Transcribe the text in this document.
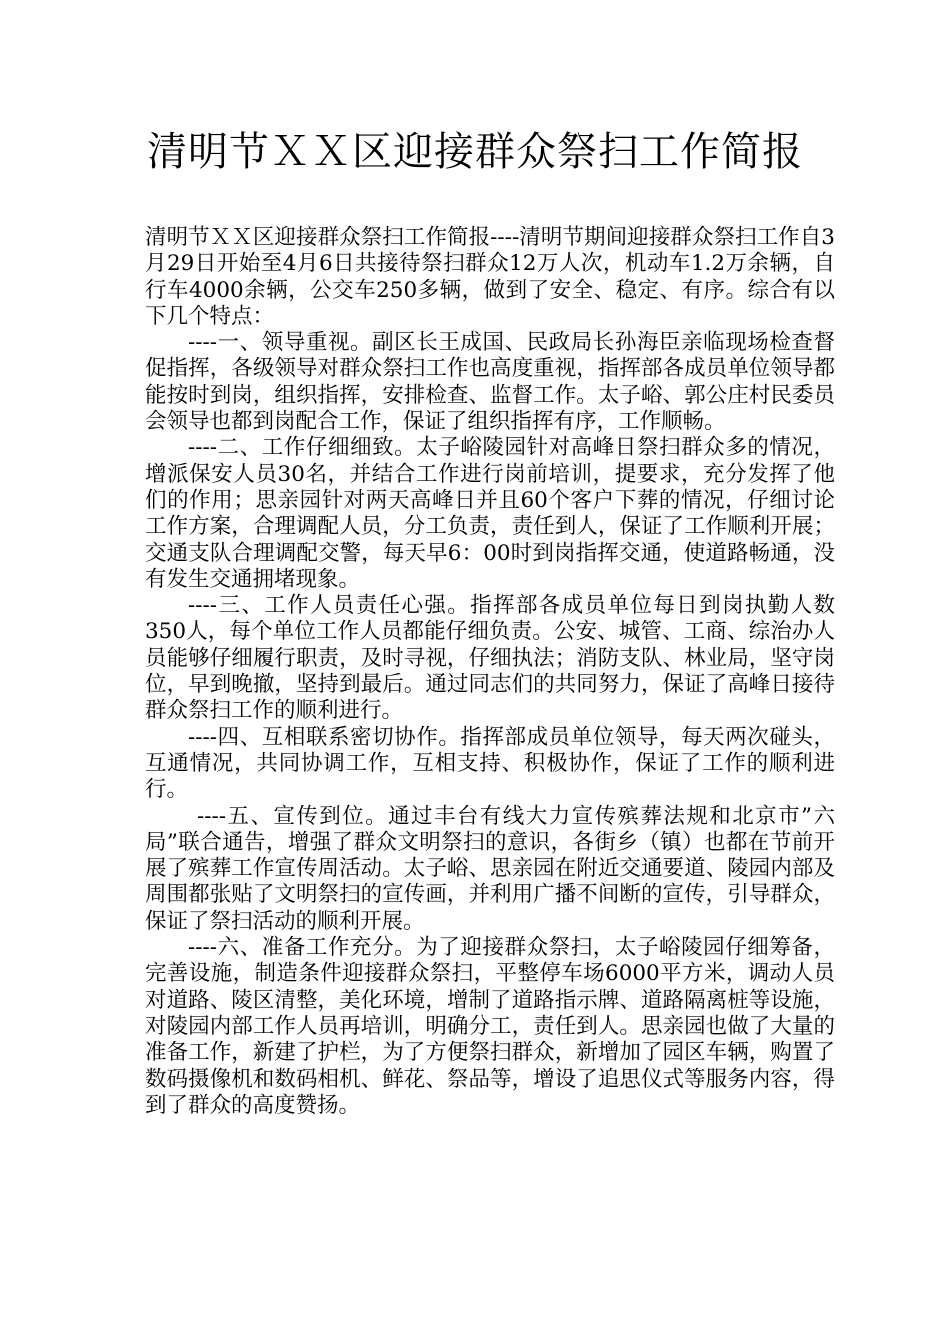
清明节ＸＸ区迎接群众祭扫工作简报

清明节ＸＸ区迎接群众祭扫工作简报----清明节期间迎接群众祭扫工作自3月29日开始至4月6日共接待祭扫群众12万人次，机动车1.2万余辆，自行车4000余辆，公交车250多辆，做到了安全、稳定、有序。综合有以下几个特点：

----一、领导重视。副区长王成国、民政局长孙海臣亲临现场检查督促指挥，各级领导对群众祭扫工作也高度重视，指挥部各成员单位领导都能按时到岗，组织指挥，安排检查、监督工作。太子峪、郭公庄村民委员会领导也都到岗配合工作，保证了组织指挥有序，工作顺畅。

----二、工作仔细细致。太子峪陵园针对高峰日祭扫群众多的情况，增派保安人员30名，并结合工作进行岗前培训，提要求，充分发挥了他们的作用；思亲园针对两天高峰日并且60个客户下葬的情况，仔细讨论工作方案，合理调配人员，分工负责，责任到人，保证了工作顺利开展；交通支队合理调配交警，每天早6：00时到岗指挥交通，使道路畅通，没有发生交通拥堵现象。

----三、工作人员责任心强。指挥部各成员单位每日到岗执勤人数350人，每个单位工作人员都能仔细负责。公安、城管、工商、综治办人员能够仔细履行职责，及时寻视，仔细执法；消防支队、林业局，坚守岗位，早到晚撤，坚持到最后。通过同志们的共同努力，保证了高峰日接待群众祭扫工作的顺利进行。

----四、互相联系密切协作。指挥部成员单位领导，每天两次碰头，互通情况，共同协调工作，互相支持、积极协作，保证了工作的顺利进行。

----五、宣传到位。通过丰台有线大力宣传殡葬法规和北京市”六局”联合通告，增强了群众文明祭扫的意识，各街乡（镇）也都在节前开展了殡葬工作宣传周活动。太子峪、思亲园在附近交通要道、陵园内部及周围都张贴了文明祭扫的宣传画，并利用广播不间断的宣传，引导群众，保证了祭扫活动的顺利开展。

----六、准备工作充分。为了迎接群众祭扫，太子峪陵园仔细筹备，完善设施，制造条件迎接群众祭扫，平整停车场6000平方米，调动人员对道路、陵区清整，美化环境，增制了道路指示牌、道路隔离桩等设施，对陵园内部工作人员再培训，明确分工，责任到人。思亲园也做了大量的准备工作，新建了护栏，为了方便祭扫群众，新增加了园区车辆，购置了数码摄像机和数码相机、鲜花、祭品等，增设了追思仪式等服务内容，得到了群众的高度赞扬。
